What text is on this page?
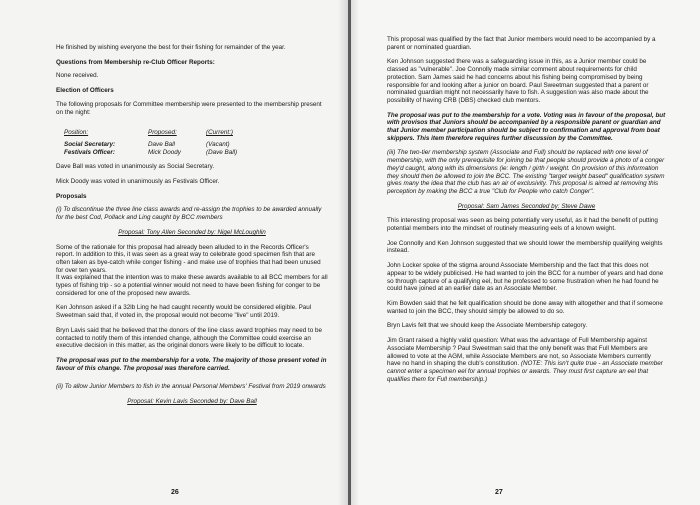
He finished by wishing everyone the best for their fishing for remainder of the year.

Questions from Membership re-Club Officer Reports:

None received.

Election of Officers

The following proposals for Committee membership were presented to the membership present on the night:

Position:	Proposed:	(Current:)

Social Secretary:	Dave Ball	(Vacant)
Festivals Officer:	Mick Doody	(Dave Ball)

Dave Ball was voted in unanimously as Social Secretary.

Mick Doody was voted in unanimously as Festivals Officer.

Proposals

(i) To discontinue the three line class awards and re-assign the trophies to be awarded annually for the best Cod, Pollack and Ling caught by BCC members

Proposal: Tony Allen Seconded by: Nigel McLoughlin

Some of the rationale for this proposal had already been alluded to in the Records Officer's report. In addition to this, it was seen as a great way to celebrate good specimen fish that are often taken as bye-catch while conger fishing - and make use of trophies that had been unused for over ten years.

It was explained that the intention was to make these awards available to all BCC members for all types of fishing trip - so a potential winner would not need to have been fishing for conger to be considered for one of the proposed new awards.

Ken Johnson asked if a 32lb Ling he had caught recently would be considered eligible. Paul Sweetman said that, if voted in, the proposal would not become "live" until 2019.

Bryn Lavis said that he believed that the donors of the line class award trophies may need to be contacted to notify them of this intended change, although the Committee could exercise an executive decision in this matter, as the original donors were likely to be difficult to locate.

The proposal was put to the membership for a vote. The majority of those present voted in favour of this change. The proposal was therefore carried.

(ii) To allow Junior Members to fish in the annual Personal Members' Festival from 2019 onwards

Proposal: Kevin Lavis Seconded by: Dave Ball

26

This proposal was qualified by the fact that Junior members would need to be accompanied by a parent or nominated guardian.

Ken Johnson suggested there was a safeguarding issue in this, as a Junior member could be classed as "vulnerable". Joe Connolly made similar comment about requirements for child protection. Sam James said he had concerns about his fishing being compromised by being responsible for and looking after a junior on board. Paul Sweetman suggested that a parent or nominated guardian might not necessarily have to fish. A suggestion was also made about the possibility of having CRB (DBS) checked club mentors.

The proposal was put to the membership for a vote. Voting was in favour of the proposal, but with provisos that Juniors should be accompanied by a responsible parent or guardian and that Junior member participation should be subject to confirmation and approval from boat skippers. This item therefore requires further discussion by the Committee.

(iii) The two-tier membership system (Associate and Full) should be replaced with one level of membership, with the only prerequisite for joining be that people should provide a photo of a conger they'd caught, along with its dimensions (ie: length / girth / weight. On provision of this information they should then be allowed to join the BCC. The existing "target weight based" qualification system gives many the idea that the club has an air of exclusivity. This proposal is aimed at removing this perception by making the BCC a true "Club for People who catch Conger".

Proposal: Sam James Seconded by: Steve Dawe

This interesting proposal was seen as being potentially very useful, as it had the benefit of putting potential members into the mindset of routinely measuring eels of a known weight.

Joe Connolly and Ken Johnson suggested that we should lower the membership qualifying weights instead.

John Locker spoke of the stigma around Associate Membership and the fact that this does not appear to be widely publicised. He had wanted to join the BCC for a number of years and had done so through capture of a qualifying eel, but he professed to some frustration when he had found he could have joined at an earlier date as an Associate Member.

Kim Bowden said that he felt qualification should be done away with altogether and that if someone wanted to join the BCC, they should simply be allowed to do so.

Bryn Lavis felt that we should keep the Associate Membership category.

Jim Grant raised a highly valid question: What was the advantage of Full Membership against Associate Membership ? Paul Sweetman said that the only benefit was that Full Members are allowed to vote at the AGM, while Associate Members are not, so Associate Members currently have no hand in shaping the club's constitution. (NOTE: This isn't quite true - an Associate member cannot enter a specimen eel for annual trophies or awards. They must first capture an eel that qualifies them for Full membership.)

27
